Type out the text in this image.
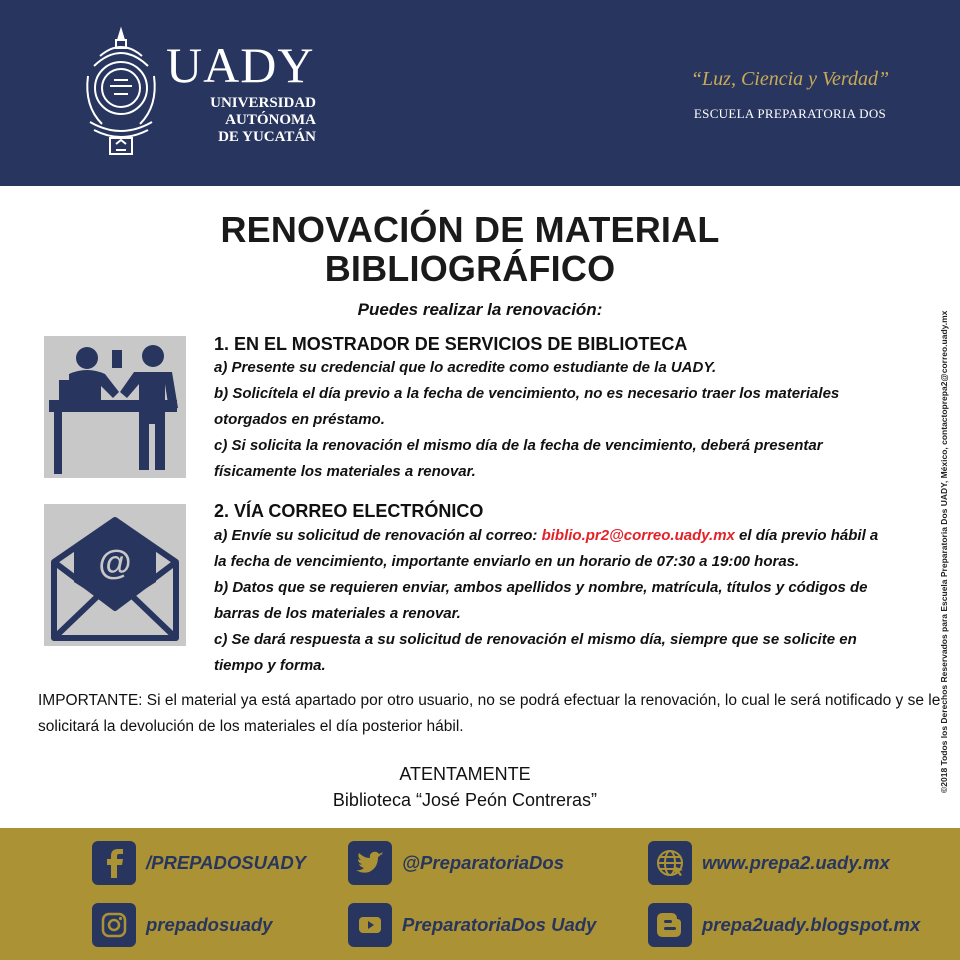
UADY
UNIVERSIDAD
AUTÓNOMA
DE YUCATÁN
“Luz, Ciencia y Verdad”
ESCUELA PREPARATORIA DOS
RENOVACIÓN DE MATERIAL
BIBLIOGRÁFICO
Puedes realizar la renovación:
1. EN EL MOSTRADOR DE SERVICIOS DE BIBLIOTECA
a) Presente su credencial que lo acredite como estudiante de la UADY.
b) Solicítela el día previo a la fecha de vencimiento, no es necesario traer los materiales
otorgados en préstamo.
c) Si solicita la renovación el mismo día de la fecha de vencimiento, deberá presentar
físicamente los materiales a renovar.
@
2. VÍA CORREO ELECTRÓNICO
a) Envíe su solicitud de renovación al correo: biblio.pr2@correo.uady.mx el día previo hábil a
la fecha de vencimiento, importante enviarlo en un horario de 07:30 a 19:00 horas.
b) Datos que se requieren enviar, ambos apellidos y nombre, matrícula, títulos y códigos de
barras de los materiales a renovar.
c) Se dará respuesta a su solicitud de renovación el mismo día, siempre que se solicite en
tiempo y forma.
IMPORTANTE: Si el material ya está apartado por otro usuario, no se podrá efectuar la renovación, lo cual le será notificado y se le
solicitará la devolución de los materiales el día posterior hábil.
ATENTAMENTE
Biblioteca “José Peón Contreras”
©2018 Todos los Derechos Reservados para Escuela Preparatoria Dos UADY, México, contactoprepa2@correo.uady.mx
/PREPADOSUADY	@PreparatoriaDos	www.prepa2.uady.mx
prepadosuady	PreparatoriaDos Uady	prepa2uady.blogspot.mx
